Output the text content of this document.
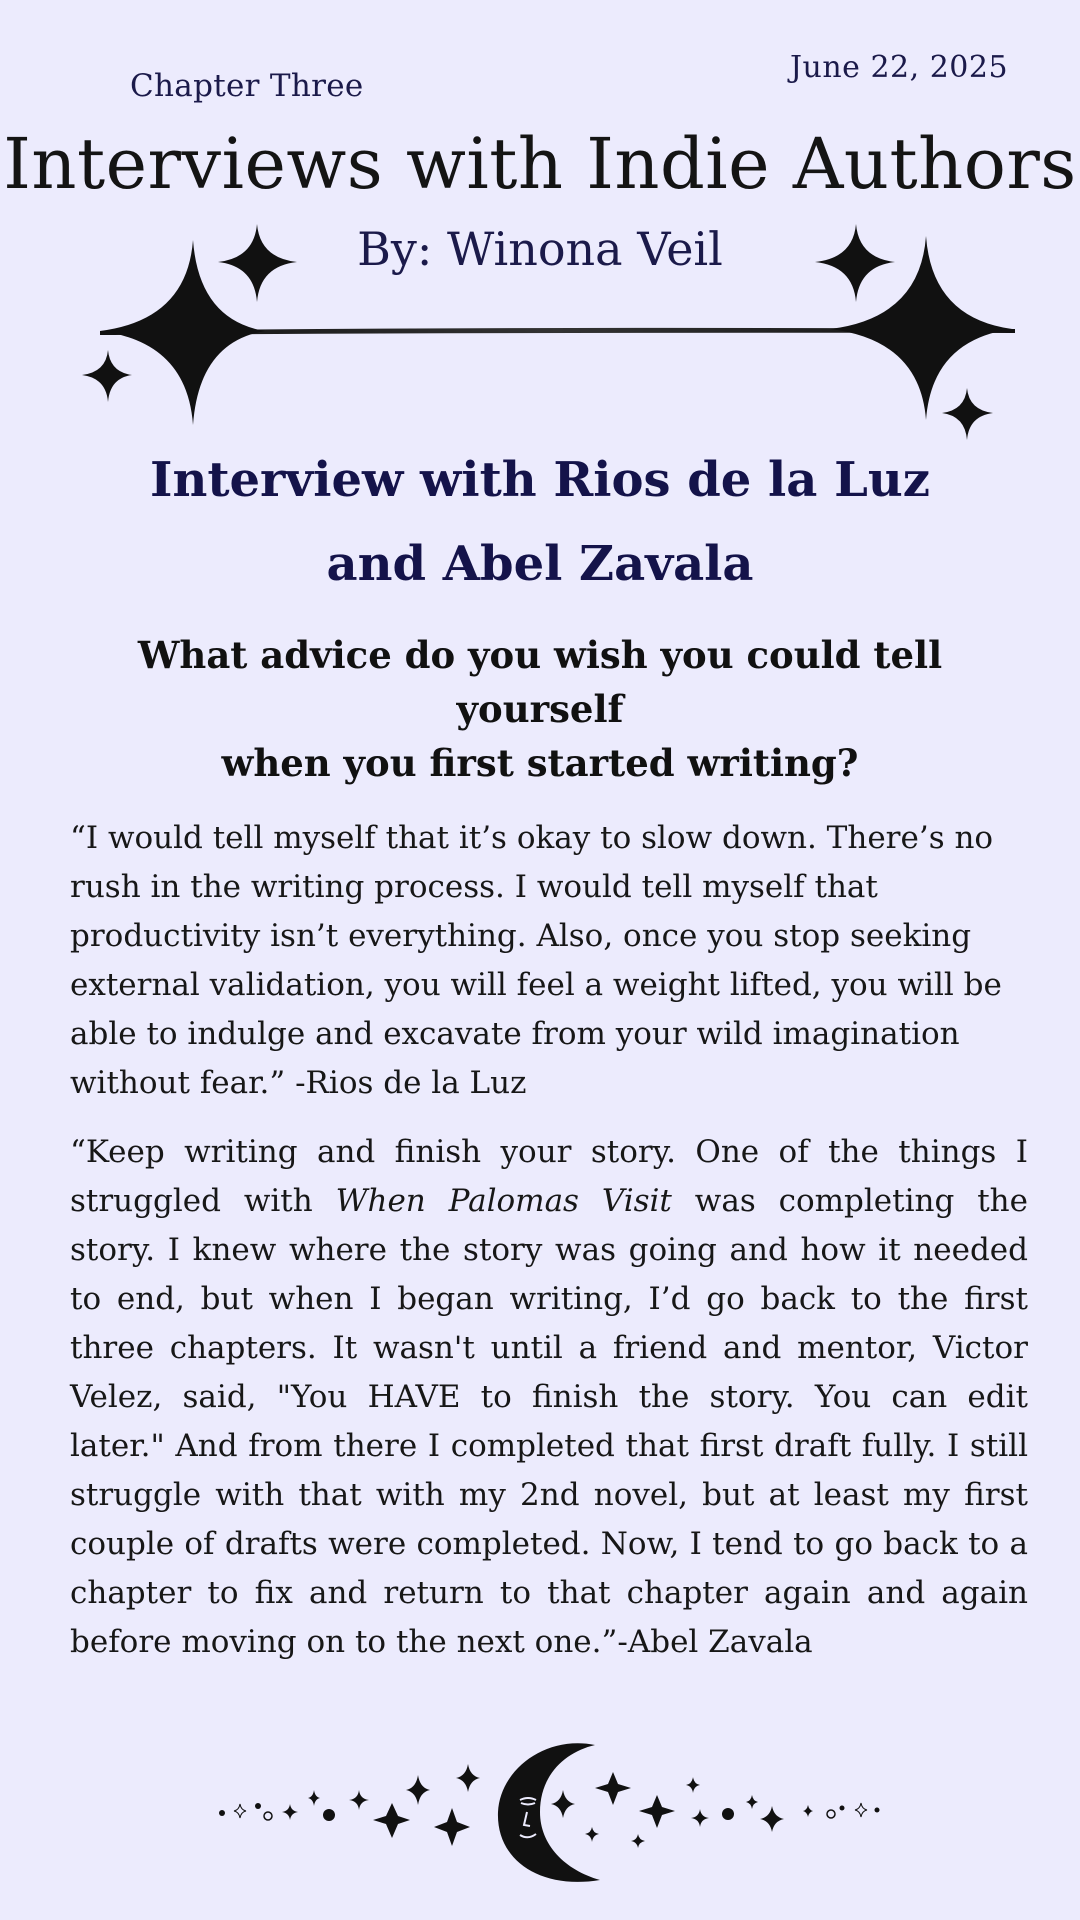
Chapter Three
June 22, 2025
Interviews with Indie Authors
By: Winona Veil
Interview with Rios de la Luz
and Abel Zavala
What advice do you wish you could tell yourself
when you first started writing?

“I would tell myself that it’s okay to slow down. There’s no rush in the writing process. I would tell myself that productivity isn’t everything. Also, once you stop seeking external validation, you will feel a weight lifted, you will be able to indulge and excavate from your wild imagination without fear.” -Rios de la Luz

“Keep writing and finish your story. One of the things I struggled with When Palomas Visit was completing the story. I knew where the story was going and how it needed to end, but when I began writing, I’d go back to the first three chapters. It wasn't until a friend and mentor, Victor Velez, said, "You HAVE to finish the story. You can edit later." And from there I completed that first draft fully. I still struggle with that with my 2nd novel, but at least my first couple of drafts were completed. Now, I tend to go back to a chapter to fix and return to that chapter again and again before moving on to the next one.”-Abel Zavala
